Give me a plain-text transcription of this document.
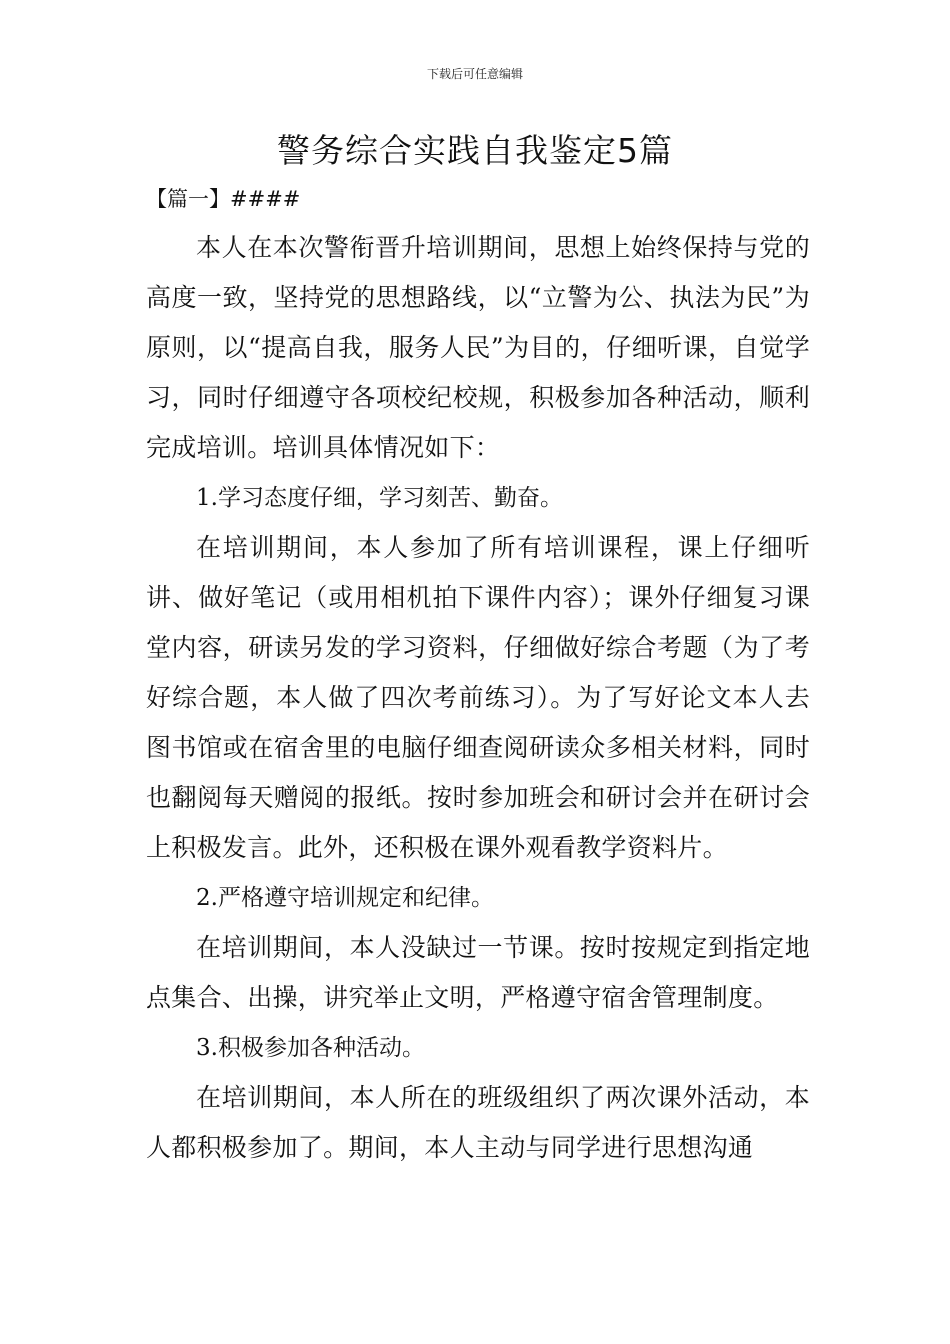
下载后可任意编辑
警务综合实践自我鉴定5篇
【篇一】####

本人在本次警衔晋升培训期间，思想上始终保持与党的高度一致，坚持党的思想路线，以“立警为公、执法为民”为原则，以“提高自我，服务人民”为目的，仔细听课，自觉学习，同时仔细遵守各项校纪校规，积极参加各种活动，顺利完成培训。培训具体情况如下：

1.学习态度仔细，学习刻苦、勤奋。

在培训期间，本人参加了所有培训课程，课上仔细听讲、做好笔记（或用相机拍下课件内容）；课外仔细复习课堂内容，研读另发的学习资料，仔细做好综合考题（为了考好综合题，本人做了四次考前练习）。为了写好论文本人去图书馆或在宿舍里的电脑仔细查阅研读众多相关材料，同时也翻阅每天赠阅的报纸。按时参加班会和研讨会并在研讨会上积极发言。此外，还积极在课外观看教学资料片。

2.严格遵守培训规定和纪律。

在培训期间，本人没缺过一节课。按时按规定到指定地点集合、出操，讲究举止文明，严格遵守宿舍管理制度。

3.积极参加各种活动。

在培训期间，本人所在的班级组织了两次课外活动，本人都积极参加了。期间，本人主动与同学进行思想沟通
